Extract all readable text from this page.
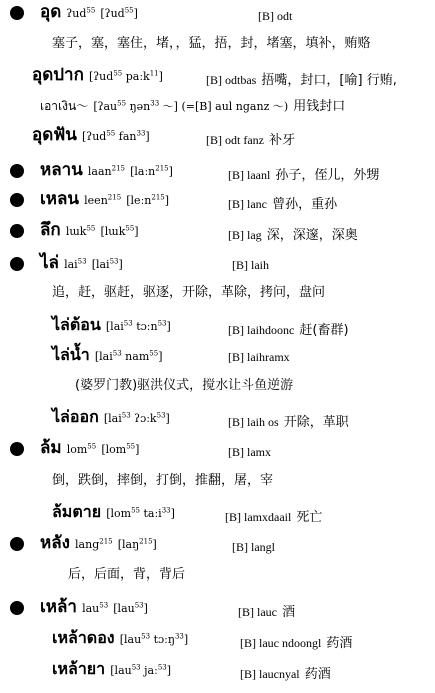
อุด ʔud$^{55}$ [ʔud$^{55}$]	[B] odt
塞子，塞，塞住，堵，，猛，捂，封，堵塞，填补，贿赂
อุดปาก [ʔud$^{55}$ paːk$^{11}$]	[B] odtbas 捂嘴，封口，[喻] 行贿,
เอาเงิน～ [ʔau$^{55}$ ŋən$^{33}$ ～] (=[B] aul nganz ～) 用钱封口
อุดฟัน [ʔud$^{55}$ fan$^{33}$]	[B] odt fanz 补牙
หลาน laan$^{215}$ [laːn$^{215}$]	[B] laanl 孙子，侄儿，外甥
เหลน leen$^{215}$ [leːn$^{215}$]	[B] lanc 曾孙，重孙
ลึก lɯk$^{55}$ [lɯk$^{55}$]	[B] lag 深，深邃，深奥
ไล่ lai$^{53}$ [lai$^{53}$]	[B] laih
追，赶，驱赶，驱逐，开除，革除，拷问，盘问
ไล่ต้อน [lai$^{53}$ tɔːn$^{53}$]	[B] laihdoonc 赶(畜群)
ไล่น้ำ [lai$^{53}$ nam$^{55}$]	[B] laihramx
(婆罗门教)驱洪仪式，搅水让斗鱼逆游
ไล่ออก [lai$^{53}$ ʔɔːk$^{53}$]	[B] laih os 开除，革职
ล้ม lom$^{55}$ [lom$^{55}$]	[B] lamx
倒，跌倒，摔倒，打倒，推翻，屠，宰
ล้มตาย [lom$^{55}$ taːi$^{33}$]	[B] lamxdaail 死亡
หลัง lang$^{215}$ [laŋ$^{215}$]	[B] langl
后，后面，背，背后
เหล้า lau$^{53}$ [lau$^{53}$]	[B] lauc 酒
เหล้าดอง [lau$^{53}$ tɔːŋ$^{33}$]	[B] lauc ndoongl 药酒
เหล้ายา [lau$^{53}$ jaː$^{53}$]	[B] laucnyal 药酒
